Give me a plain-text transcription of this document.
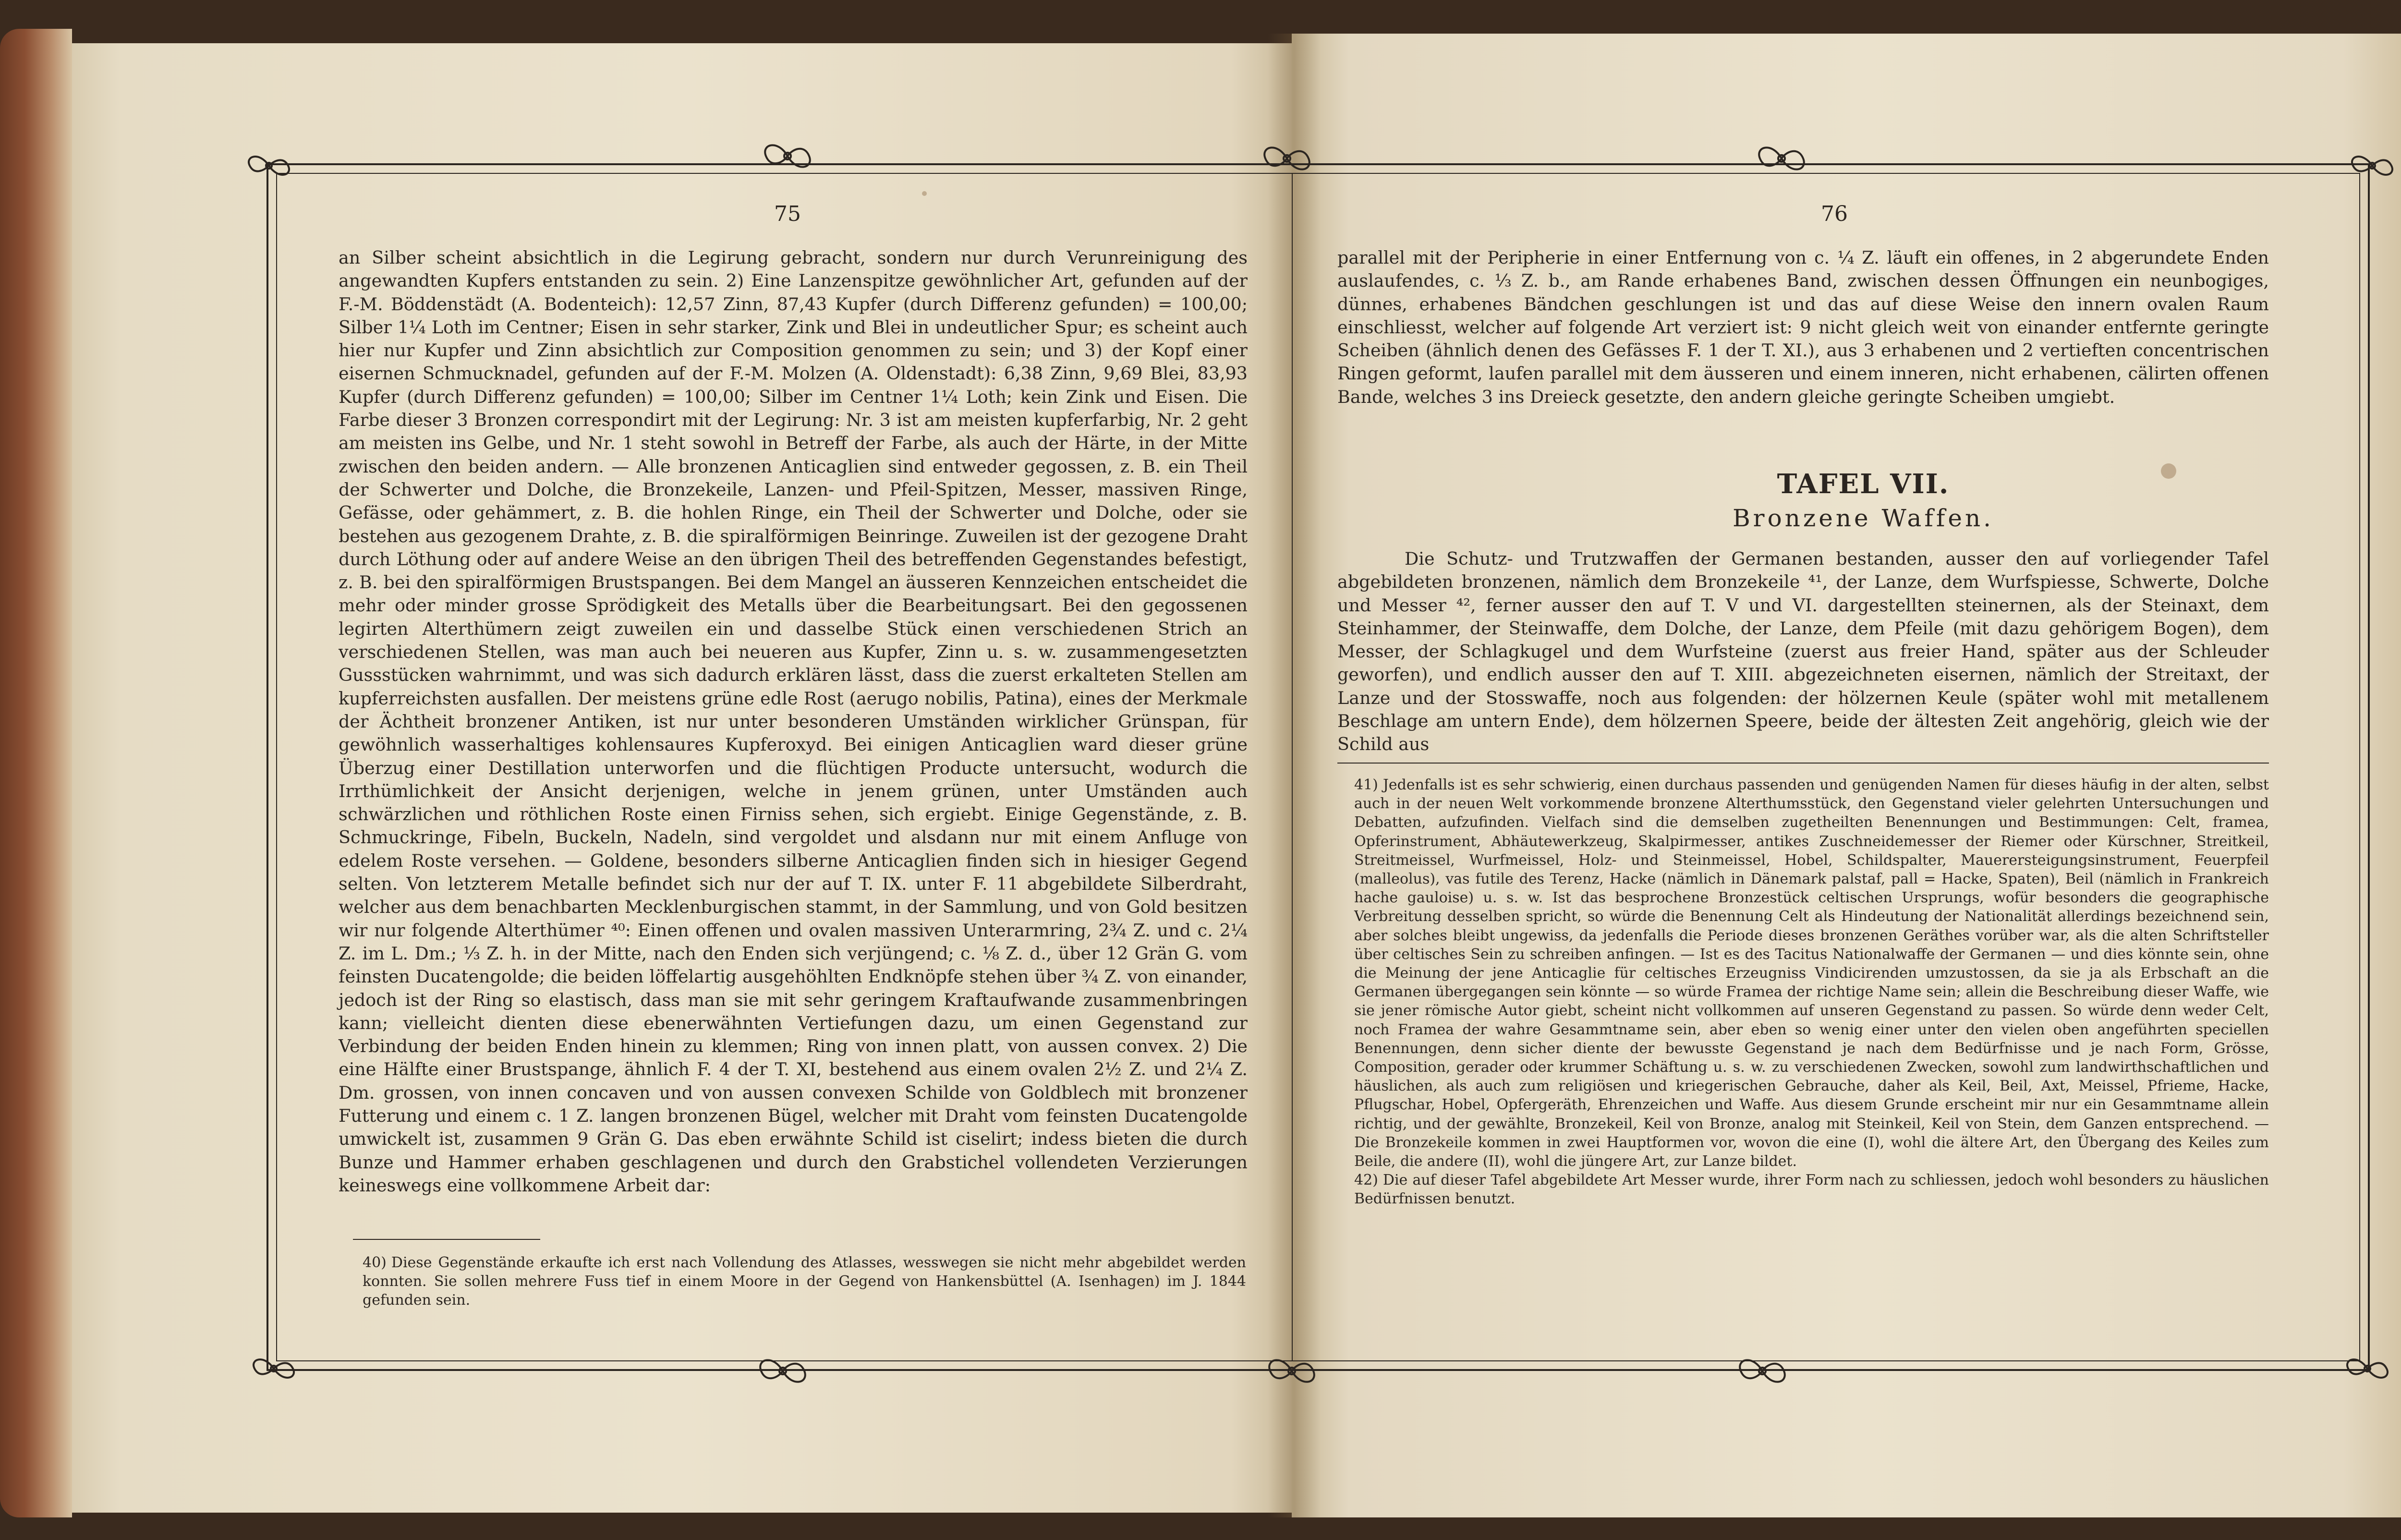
75

an Silber scheint absichtlich in die Legirung gebracht, sondern nur durch Verunreinigung des angewandten Kupfers entstanden zu sein. 2) Eine Lanzenspitze gewöhnlicher Art, gefunden auf der F.-M. Böddenstädt (A. Bodenteich): 12,57 Zinn, 87,43 Kupfer (durch Differenz gefunden) = 100,00; Silber 1¼ Loth im Centner; Eisen in sehr starker, Zink und Blei in undeutlicher Spur; es scheint auch hier nur Kupfer und Zinn absichtlich zur Composition genommen zu sein; und 3) der Kopf einer eisernen Schmucknadel, gefunden auf der F.-M. Molzen (A. Oldenstadt): 6,38 Zinn, 9,69 Blei, 83,93 Kupfer (durch Differenz gefunden) = 100,00; Silber im Centner 1¼ Loth; kein Zink und Eisen. Die Farbe dieser 3 Bronzen correspondirt mit der Legirung: Nr. 3 ist am meisten kupferfarbig, Nr. 2 geht am meisten ins Gelbe, und Nr. 1 steht sowohl in Betreff der Farbe, als auch der Härte, in der Mitte zwischen den beiden andern. — Alle bronzenen Anticaglien sind entweder gegossen, z. B. ein Theil der Schwerter und Dolche, die Bronzekeile, Lanzen- und Pfeil-Spitzen, Messer, massiven Ringe, Gefässe, oder gehämmert, z. B. die hohlen Ringe, ein Theil der Schwerter und Dolche, oder sie bestehen aus gezogenem Drahte, z. B. die spiralförmigen Beinringe. Zuweilen ist der gezogene Draht durch Löthung oder auf andere Weise an den übrigen Theil des betreffenden Gegenstandes befestigt, z. B. bei den spiralförmigen Brustspangen. Bei dem Mangel an äusseren Kennzeichen entscheidet die mehr oder minder grosse Sprödigkeit des Metalls über die Bearbeitungsart. Bei den gegossenen legirten Alterthümern zeigt zuweilen ein und dasselbe Stück einen verschiedenen Strich an verschiedenen Stellen, was man auch bei neueren aus Kupfer, Zinn u. s. w. zusammengesetzten Gussstücken wahrnimmt, und was sich dadurch erklären lässt, dass die zuerst erkalteten Stellen am kupferreichsten ausfallen. Der meistens grüne edle Rost (aerugo nobilis, Patina), eines der Merkmale der Ächtheit bronzener Antiken, ist nur unter besonderen Umständen wirklicher Grünspan, für gewöhnlich wasserhaltiges kohlensaures Kupferoxyd. Bei einigen Anticaglien ward dieser grüne Überzug einer Destillation unterworfen und die flüchtigen Producte untersucht, wodurch die Irrthümlichkeit der Ansicht derjenigen, welche in jenem grünen, unter Umständen auch schwärzlichen und röthlichen Roste einen Firniss sehen, sich ergiebt. Einige Gegenstände, z. B. Schmuckringe, Fibeln, Buckeln, Nadeln, sind vergoldet und alsdann nur mit einem Anfluge von edelem Roste versehen. — Goldene, besonders silberne Anticaglien finden sich in hiesiger Gegend selten. Von letzterem Metalle befindet sich nur der auf T. IX. unter F. 11 abgebildete Silberdraht, welcher aus dem benachbarten Mecklenburgischen stammt, in der Sammlung, und von Gold besitzen wir nur folgende Alterthümer ⁴⁰: Einen offenen und ovalen massiven Unterarmring, 2¾ Z. und c. 2¼ Z. im L. Dm.; ⅓ Z. h. in der Mitte, nach den Enden sich verjüngend; c. ⅛ Z. d., über 12 Grän G. vom feinsten Ducatengolde; die beiden löffelartig ausgehöhlten Endknöpfe stehen über ¾ Z. von einander, jedoch ist der Ring so elastisch, dass man sie mit sehr geringem Kraftaufwande zusammenbringen kann; vielleicht dienten diese ebenerwähnten Vertiefungen dazu, um einen Gegenstand zur Verbindung der beiden Enden hinein zu klemmen; Ring von innen platt, von aussen convex. 2) Die eine Hälfte einer Brustspange, ähnlich F. 4 der T. XI, bestehend aus einem ovalen 2½ Z. und 2¼ Z. Dm. grossen, von innen concaven und von aussen convexen Schilde von Goldblech mit bronzener Futterung und einem c. 1 Z. langen bronzenen Bügel, welcher mit Draht vom feinsten Ducatengolde umwickelt ist, zusammen 9 Grän G. Das eben erwähnte Schild ist ciselirt; indess bieten die durch Bunze und Hammer erhaben geschlagenen und durch den Grabstichel vollendeten Verzierungen keineswegs eine vollkommene Arbeit dar:

40) Diese Gegenstände erkaufte ich erst nach Vollendung des Atlasses, wesswegen sie nicht mehr abgebildet werden konnten. Sie sollen mehrere Fuss tief in einem Moore in der Gegend von Hankensbüttel (A. Isenhagen) im J. 1844 gefunden sein.

76

parallel mit der Peripherie in einer Entfernung von c. ¼ Z. läuft ein offenes, in 2 abgerundete Enden auslaufendes, c. ⅓ Z. b., am Rande erhabenes Band, zwischen dessen Öffnungen ein neunbogiges, dünnes, erhabenes Bändchen geschlungen ist und das auf diese Weise den innern ovalen Raum einschliesst, welcher auf folgende Art verziert ist: 9 nicht gleich weit von einander entfernte geringte Scheiben (ähnlich denen des Gefässes F. 1 der T. XI.), aus 3 erhabenen und 2 vertieften concentrischen Ringen geformt, laufen parallel mit dem äusseren und einem inneren, nicht erhabenen, cälirten offenen Bande, welches 3 ins Dreieck gesetzte, den andern gleiche geringte Scheiben umgiebt.

TAFEL VII.
Bronzene Waffen.

Die Schutz- und Trutzwaffen der Germanen bestanden, ausser den auf vorliegender Tafel abgebildeten bronzenen, nämlich dem Bronzekeile ⁴¹, der Lanze, dem Wurfspiesse, Schwerte, Dolche und Messer ⁴², ferner ausser den auf T. V und VI. dargestellten steinernen, als der Steinaxt, dem Steinhammer, der Steinwaffe, dem Dolche, der Lanze, dem Pfeile (mit dazu gehörigem Bogen), dem Messer, der Schlagkugel und dem Wurfsteine (zuerst aus freier Hand, später aus der Schleuder geworfen), und endlich ausser den auf T. XIII. abgezeichneten eisernen, nämlich der Streitaxt, der Lanze und der Stosswaffe, noch aus folgenden: der hölzernen Keule (später wohl mit metallenem Beschlage am untern Ende), dem hölzernen Speere, beide der ältesten Zeit angehörig, gleich wie der Schild aus

41) Jedenfalls ist es sehr schwierig, einen durchaus passenden und genügenden Namen für dieses häufig in der alten, selbst auch in der neuen Welt vorkommende bronzene Alterthumsstück, den Gegenstand vieler gelehrten Untersuchungen und Debatten, aufzufinden. Vielfach sind die demselben zugetheilten Benennungen und Bestimmungen: Celt, framea, Opferinstrument, Abhäutewerkzeug, Skalpirmesser, antikes Zuschneidemesser der Riemer oder Kürschner, Streitkeil, Streitmeissel, Wurfmeissel, Holz- und Steinmeissel, Hobel, Schildspalter, Mauerersteigungsinstrument, Feuerpfeil (malleolus), vas futile des Terenz, Hacke (nämlich in Dänemark palstaf, pall = Hacke, Spaten), Beil (nämlich in Frankreich hache gauloise) u. s. w. Ist das besprochene Bronzestück celtischen Ursprungs, wofür besonders die geographische Verbreitung desselben spricht, so würde die Benennung Celt als Hindeutung der Nationalität allerdings bezeichnend sein, aber solches bleibt ungewiss, da jedenfalls die Periode dieses bronzenen Geräthes vorüber war, als die alten Schriftsteller über celtisches Sein zu schreiben anfingen. — Ist es des Tacitus Nationalwaffe der Germanen — und dies könnte sein, ohne die Meinung der jene Anticaglie für celtisches Erzeugniss Vindicirenden umzustossen, da sie ja als Erbschaft an die Germanen übergegangen sein könnte — so würde Framea der richtige Name sein; allein die Beschreibung dieser Waffe, wie sie jener römische Autor giebt, scheint nicht vollkommen auf unseren Gegenstand zu passen. So würde denn weder Celt, noch Framea der wahre Gesammtname sein, aber eben so wenig einer unter den vielen oben angeführten speciellen Benennungen, denn sicher diente der bewusste Gegenstand je nach dem Bedürfnisse und je nach Form, Grösse, Composition, gerader oder krummer Schäftung u. s. w. zu verschiedenen Zwecken, sowohl zum landwirthschaftlichen und häuslichen, als auch zum religiösen und kriegerischen Gebrauche, daher als Keil, Beil, Axt, Meissel, Pfrieme, Hacke, Pflugschar, Hobel, Opfergeräth, Ehrenzeichen und Waffe. Aus diesem Grunde erscheint mir nur ein Gesammtname allein richtig, und der gewählte, Bronzekeil, Keil von Bronze, analog mit Steinkeil, Keil von Stein, dem Ganzen entsprechend. — Die Bronzekeile kommen in zwei Hauptformen vor, wovon die eine (I), wohl die ältere Art, den Übergang des Keiles zum Beile, die andere (II), wohl die jüngere Art, zur Lanze bildet.

42) Die auf dieser Tafel abgebildete Art Messer wurde, ihrer Form nach zu schliessen, jedoch wohl besonders zu häuslichen Bedürfnissen benutzt.
